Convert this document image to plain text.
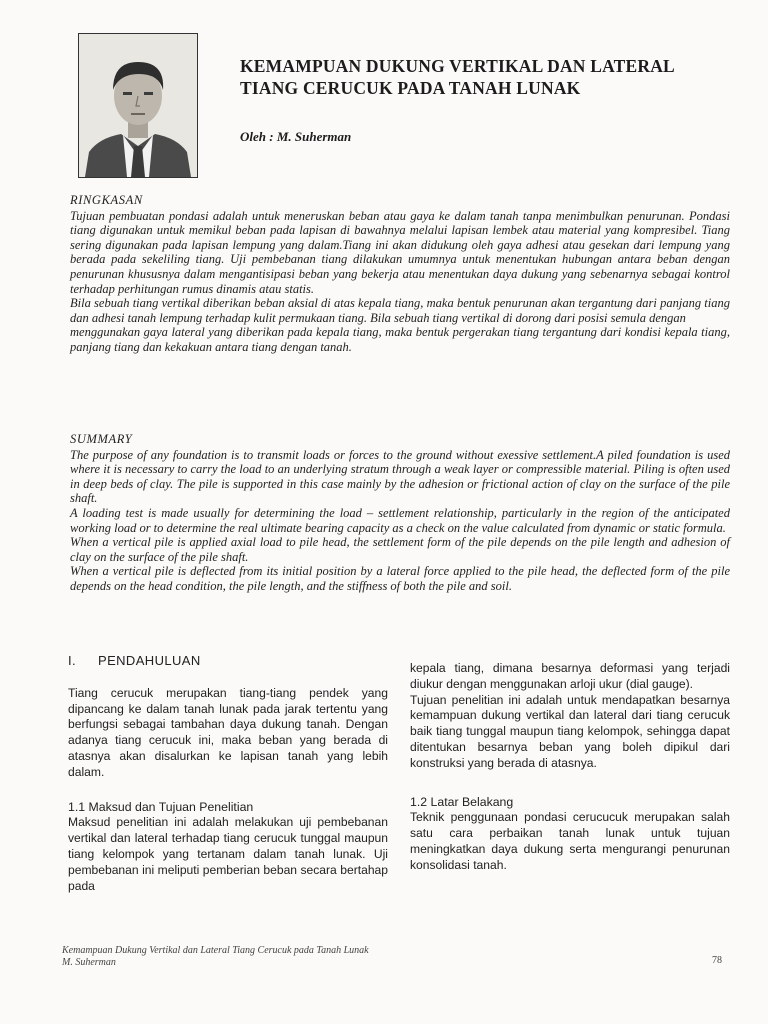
KEMAMPUAN DUKUNG VERTIKAL DAN LATERAL
TIANG CERUCUK PADA TANAH LUNAK
Oleh : M. Suherman
RINGKASAN

Tujuan pembuatan pondasi adalah untuk meneruskan beban atau gaya ke dalam tanah tanpa menimbulkan penurunan. Pondasi tiang digunakan untuk memikul beban pada lapisan di bawahnya melalui lapisan lembek atau material yang kompresibel. Tiang sering digunakan pada lapisan lempung yang dalam.Tiang ini akan didukung oleh gaya adhesi atau gesekan dari lempung yang berada pada sekeliling tiang. Uji pembebanan tiang dilakukan umumnya untuk menentukan hubungan antara beban dengan penurunan khususnya dalam mengantisipasi beban yang bekerja atau menentukan daya dukung yang sebenarnya sebagai kontrol terhadap perhitungan rumus dinamis atau statis.

Bila sebuah tiang vertikal diberikan beban aksial di atas kepala tiang, maka bentuk penurunan akan tergantung dari panjang tiang dan adhesi tanah lempung terhadap kulit permukaan tiang. Bila sebuah tiang vertikal di dorong dari posisi semula dengan

menggunakan gaya lateral yang diberikan pada kepala tiang, maka bentuk pergerakan tiang tergantung dari kondisi kepala tiang, panjang tiang dan kekakuan antara tiang dengan tanah.

SUMMARY

The purpose of any foundation is to transmit loads or forces to the ground without exessive settlement.A piled foundation is used where it is necessary to carry the load to an underlying stratum through a weak layer or compressible material. Piling is often used in deep beds of clay. The pile is supported in this case mainly by the adhesion or frictional action of clay on the surface of the pile shaft.

A loading test is made usually for determining the load – settlement relationship, particularly in the region of the anticipated working load or to determine the real ultimate bearing capacity as a check on the value calculated from dynamic or static formula.

When a vertical pile is applied axial load to pile head, the settlement form of the pile depends on the pile length and adhesion of clay on the surface of the pile shaft.

When a vertical pile is deflected from its initial position by a lateral force applied to the pile head, the deflected form of the pile depends on the head condition, the pile length, and the stiffness of both the pile and soil.

I. PENDAHULUAN

Tiang cerucuk merupakan tiang-tiang pendek yang dipancang ke dalam tanah lunak pada jarak tertentu yang berfungsi sebagai tambahan daya dukung tanah. Dengan adanya tiang cerucuk ini, maka beban yang berada di atasnya akan disalurkan ke lapisan tanah yang lebih dalam.

1.1 Maksud dan Tujuan Penelitian

Maksud penelitian ini adalah melakukan uji pembebanan vertikal dan lateral terhadap tiang cerucuk tunggal maupun tiang kelompok yang tertanam dalam tanah lunak. Uji pembebanan ini meliputi pemberian beban secara bertahap pada

kepala tiang, dimana besarnya deformasi yang terjadi diukur dengan menggunakan arloji ukur (dial gauge).

Tujuan penelitian ini adalah untuk mendapatkan besarnya kemampuan dukung vertikal dan lateral dari tiang cerucuk baik tiang tunggal maupun tiang kelompok, sehingga dapat ditentukan besarnya beban yang boleh dipikul dari konstruksi yang berada di atasnya.

1.2 Latar Belakang

Teknik penggunaan pondasi cerucucuk merupakan salah satu cara perbaikan tanah lunak untuk tujuan meningkatkan daya dukung serta mengurangi penurunan konsolidasi tanah.

Kemampuan Dukung Vertikal dan Lateral Tiang Cerucuk pada Tanah Lunak
M. Suherman	78
